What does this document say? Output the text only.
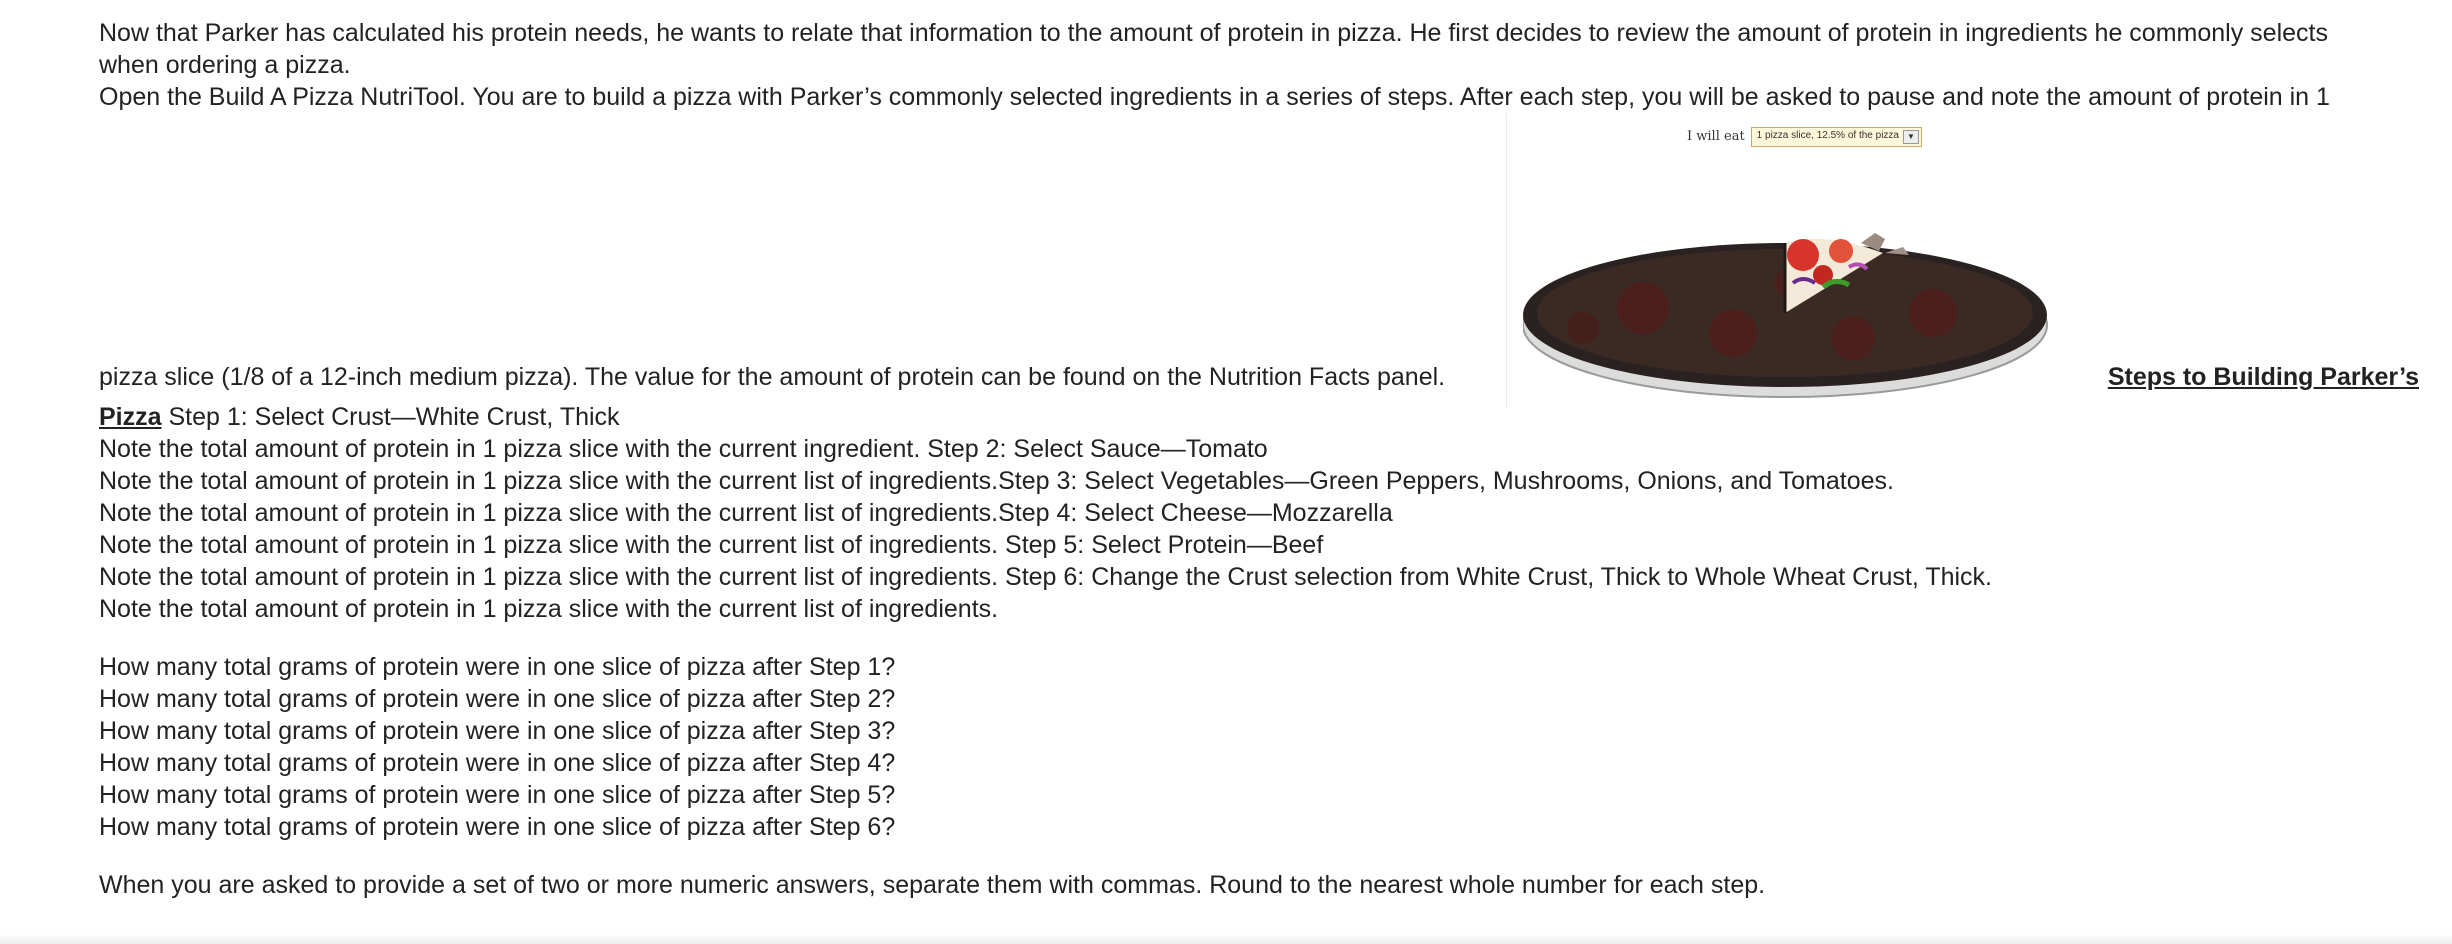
Now that Parker has calculated his protein needs, he wants to relate that information to the amount of protein in pizza. He first decides to review the amount of protein in ingredients he commonly selects
when ordering a pizza.
Open the Build A Pizza NutriTool. You are to build a pizza with Parker’s commonly selected ingredients in a series of steps. After each step, you will be asked to pause and note the amount of protein in 1
I will eat	1 pizza slice, 12.5% of the pizza	▼
pizza slice (1/8 of a 12-inch medium pizza). The value for the amount of protein can be found on the Nutrition Facts panel.	Steps to Building Parker’s
Pizza Step 1: Select Crust—White Crust, Thick
Note the total amount of protein in 1 pizza slice with the current ingredient. Step 2: Select Sauce—Tomato
Note the total amount of protein in 1 pizza slice with the current list of ingredients.Step 3: Select Vegetables—Green Peppers, Mushrooms, Onions, and Tomatoes.
Note the total amount of protein in 1 pizza slice with the current list of ingredients.Step 4: Select Cheese—Mozzarella
Note the total amount of protein in 1 pizza slice with the current list of ingredients. Step 5: Select Protein—Beef
Note the total amount of protein in 1 pizza slice with the current list of ingredients. Step 6: Change the Crust selection from White Crust, Thick to Whole Wheat Crust, Thick.
Note the total amount of protein in 1 pizza slice with the current list of ingredients.
How many total grams of protein were in one slice of pizza after Step 1?
How many total grams of protein were in one slice of pizza after Step 2?
How many total grams of protein were in one slice of pizza after Step 3?
How many total grams of protein were in one slice of pizza after Step 4?
How many total grams of protein were in one slice of pizza after Step 5?
How many total grams of protein were in one slice of pizza after Step 6?
When you are asked to provide a set of two or more numeric answers, separate them with commas. Round to the nearest whole number for each step.
